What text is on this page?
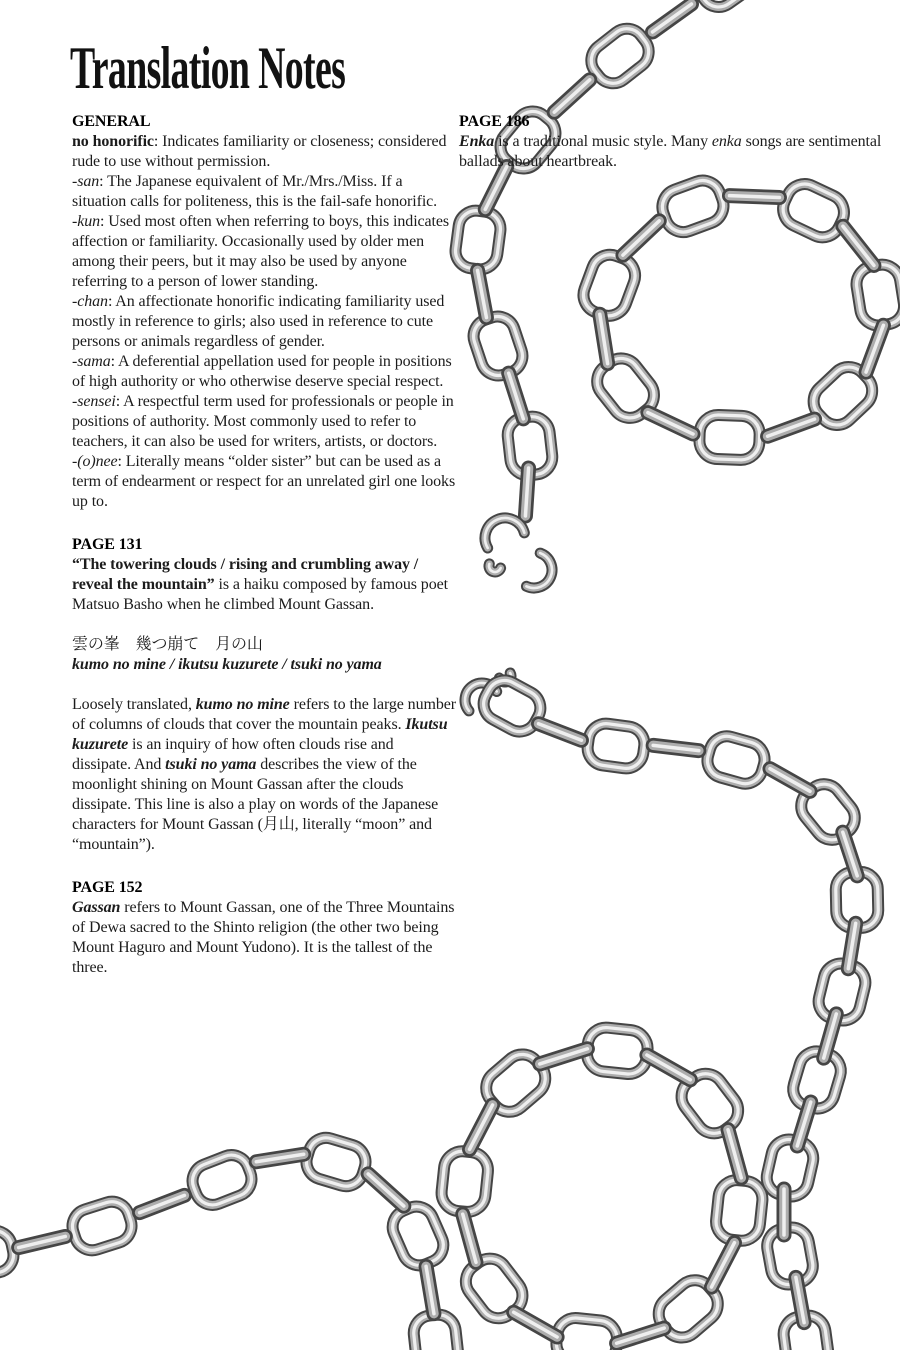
Translation Notes
GENERAL
no honorific: Indicates familiarity or closeness; considered rude to use without permission.
-san: The Japanese equivalent of Mr./Mrs./Miss. If a situation calls for politeness, this is the fail-safe honorific.
-kun: Used most often when referring to boys, this indicates affection or familiarity. Occasionally used by older men among their peers, but it may also be used by anyone referring to a person of lower standing.
-chan: An affectionate honorific indicating familiarity used mostly in reference to girls; also used in reference to cute persons or animals regardless of gender.
-sama: A deferential appellation used for people in positions of high authority or who otherwise deserve special respect.
-sensei: A respectful term used for professionals or people in positions of authority. Most commonly used to refer to teachers, it can also be used for writers, artists, or doctors.
-(o)nee: Literally means “older sister” but can be used as a term of endearment or respect for an unrelated girl one looks up to.
PAGE 131
“The towering clouds / rising and crumbling away / reveal the mountain” is a haiku composed by famous poet Matsuo Basho when he climbed Mount Gassan.
雲の峯　幾つ崩て　月の山
kumo no mine / ikutsu kuzurete / tsuki no yama
Loosely translated, kumo no mine refers to the large number of columns of clouds that cover the mountain peaks. Ikutsu kuzurete is an inquiry of how often clouds rise and dissipate. And tsuki no yama describes the view of the moonlight shining on Mount Gassan after the clouds dissipate. This line is also a play on words of the Japanese characters for Mount Gassan (月山, literally “moon” and “mountain”).
PAGE 152
Gassan refers to Mount Gassan, one of the Three Mountains of Dewa sacred to the Shinto religion (the other two being Mount Haguro and Mount Yudono). It is the tallest of the three.
PAGE 186
Enka is a traditional music style. Many enka songs are sentimental ballads about heartbreak.
